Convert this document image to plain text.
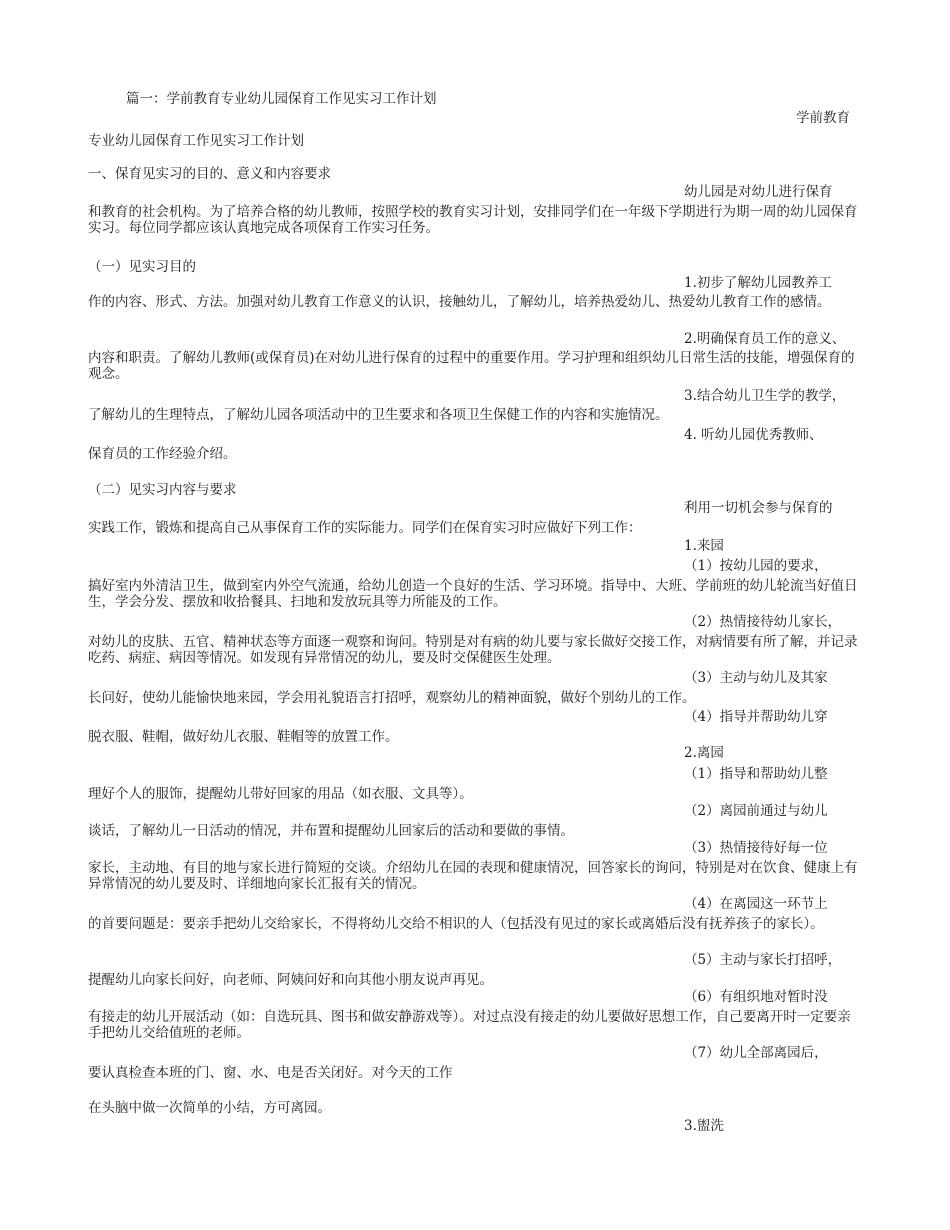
篇一：学前教育专业幼儿园保育工作见实习工作计划
学前教育
专业幼儿园保育工作见实习工作计划
一、保育见实习的目的、意义和内容要求
幼儿园是对幼儿进行保育
和教育的社会机构。为了培养合格的幼儿教师，按照学校的教育实习计划，安排同学们在一年级下学期进行为期一周的幼儿园保育实习。每位同学都应该认真地完成各项保育工作实习任务。
（一）见实习目的
1.初步了解幼儿园教养工
作的内容、形式、方法。加强对幼儿教育工作意义的认识，接触幼儿，了解幼儿，培养热爱幼儿、热爱幼儿教育工作的感情。
2.明确保育员工作的意义、
内容和职责。了解幼儿教师(或保育员)在对幼儿进行保育的过程中的重要作用。学习护理和组织幼儿日常生活的技能，增强保育的观念。
3.结合幼儿卫生学的教学，
了解幼儿的生理特点，了解幼儿园各项活动中的卫生要求和各项卫生保健工作的内容和实施情况。
4. 听幼儿园优秀教师、
保育员的工作经验介绍。
（二）见实习内容与要求
利用一切机会参与保育的
实践工作，锻炼和提高自己从事保育工作的实际能力。同学们在保育实习时应做好下列工作：
1.来园
（1）按幼儿园的要求，
搞好室内外清洁卫生，做到室内外空气流通，给幼儿创造一个良好的生活、学习环境。指导中、大班、学前班的幼儿轮流当好值日生，学会分发、摆放和收拾餐具、扫地和发放玩具等力所能及的工作。
（2）热情接待幼儿家长，
对幼儿的皮肤、五官、精神状态等方面逐一观察和询问。特别是对有病的幼儿要与家长做好交接工作，对病情要有所了解，并记录吃药、病症、病因等情况。如发现有异常情况的幼儿，要及时交保健医生处理。
（3）主动与幼儿及其家
长问好，使幼儿能愉快地来园，学会用礼貌语言打招呼，观察幼儿的精神面貌，做好个别幼儿的工作。
（4）指导并帮助幼儿穿
脱衣服、鞋帽，做好幼儿衣服、鞋帽等的放置工作。
2.离园
（1）指导和帮助幼儿整
理好个人的服饰，提醒幼儿带好回家的用品（如衣服、文具等）。
（2）离园前通过与幼儿
谈话，了解幼儿一日活动的情况，并布置和提醒幼儿回家后的活动和要做的事情。
（3）热情接待好每一位
家长，主动地、有目的地与家长进行简短的交谈。介绍幼儿在园的表现和健康情况，回答家长的询问，特别是对在饮食、健康上有异常情况的幼儿要及时、详细地向家长汇报有关的情况。
（4）在离园这一环节上
的首要问题是：要亲手把幼儿交给家长，不得将幼儿交给不相识的人（包括没有见过的家长或离婚后没有抚养孩子的家长）。
（5）主动与家长打招呼，
提醒幼儿向家长问好，向老师、阿姨问好和向其他小朋友说声再见。
（6）有组织地对暂时没
有接走的幼儿开展活动（如：自选玩具、图书和做安静游戏等）。对过点没有接走的幼儿要做好思想工作，自己要离开时一定要亲手把幼儿交给值班的老师。
（7）幼儿全部离园后，
要认真检查本班的门、窗、水、电是否关闭好。对今天的工作
在头脑中做一次简单的小结，方可离园。
3.盥洗
